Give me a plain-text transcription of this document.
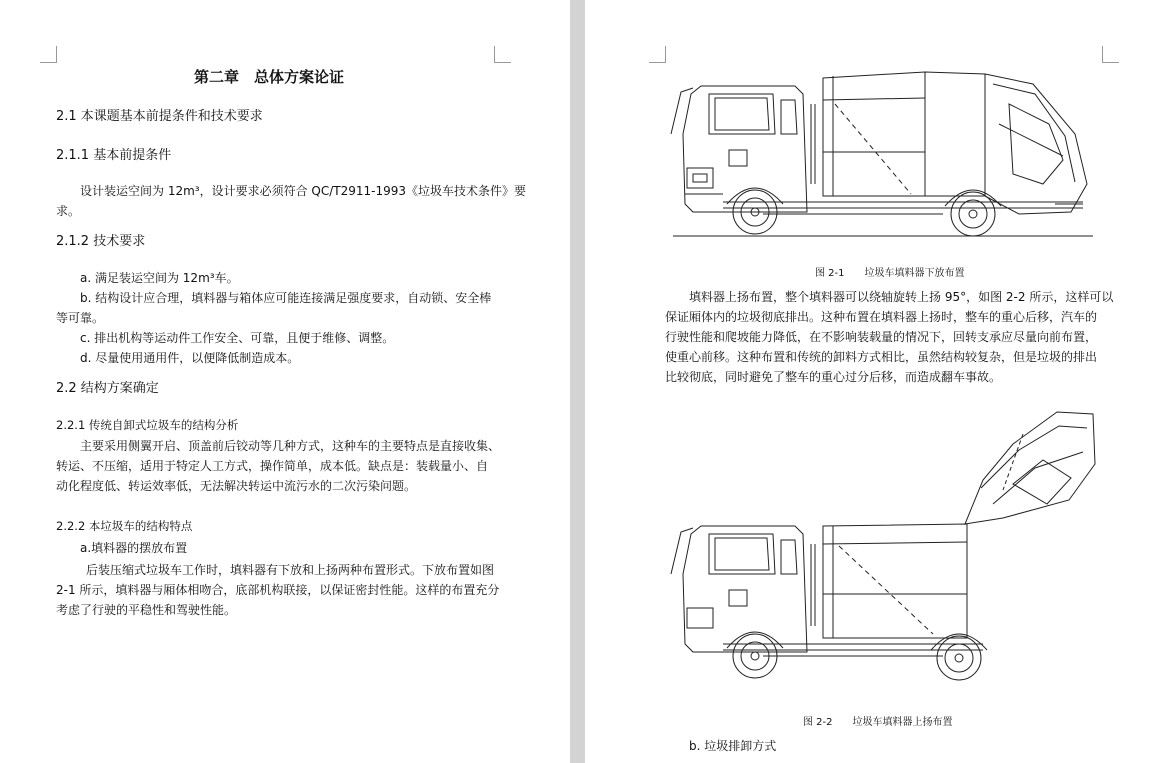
第二章　总体方案论证
2.1 本课题基本前提条件和技术要求
2.1.1 基本前提条件
设计装运空间为 12m³，设计要求必须符合 QC/T2911-1993《垃圾车技术条件》要
求。
2.1.2 技术要求
a. 满足装运空间为 12m³车。
b. 结构设计应合理，填料器与箱体应可能连接满足强度要求，自动锁、安全棒
等可靠。
c. 排出机构等运动件工作安全、可靠，且便于维修、调整。
d. 尽量使用通用件，以便降低制造成本。
2.2 结构方案确定
2.2.1 传统自卸式垃圾车的结构分析
主要采用侧翼开启、顶盖前后铰动等几种方式，这种车的主要特点是直接收集、
转运、不压缩，适用于特定人工方式，操作简单，成本低。缺点是：装载量小、自
动化程度低、转运效率低，无法解决转运中流污水的二次污染问题。
2.2.2 本垃圾车的结构特点
a.填料器的摆放布置
后装压缩式垃圾车工作时，填料器有下放和上扬两种布置形式。下放布置如图
2-1 所示，填料器与厢体相吻合，底部机构联接，以保证密封性能。这样的布置充分
考虑了行驶的平稳性和驾驶性能。
图 2-1　　垃圾车填料器下放布置
填料器上扬布置，整个填料器可以绕轴旋转上扬 95°，如图 2-2 所示，这样可以
保证厢体内的垃圾彻底排出。这种布置在填料器上扬时，整车的重心后移，汽车的
行驶性能和爬坡能力降低，在不影响装载量的情况下，回转支承应尽量向前布置，
使重心前移。这种布置和传统的卸料方式相比，虽然结构较复杂，但是垃圾的排出
比较彻底，同时避免了整车的重心过分后移，而造成翻车事故。
图 2-2　　垃圾车填料器上扬布置
b. 垃圾排卸方式
